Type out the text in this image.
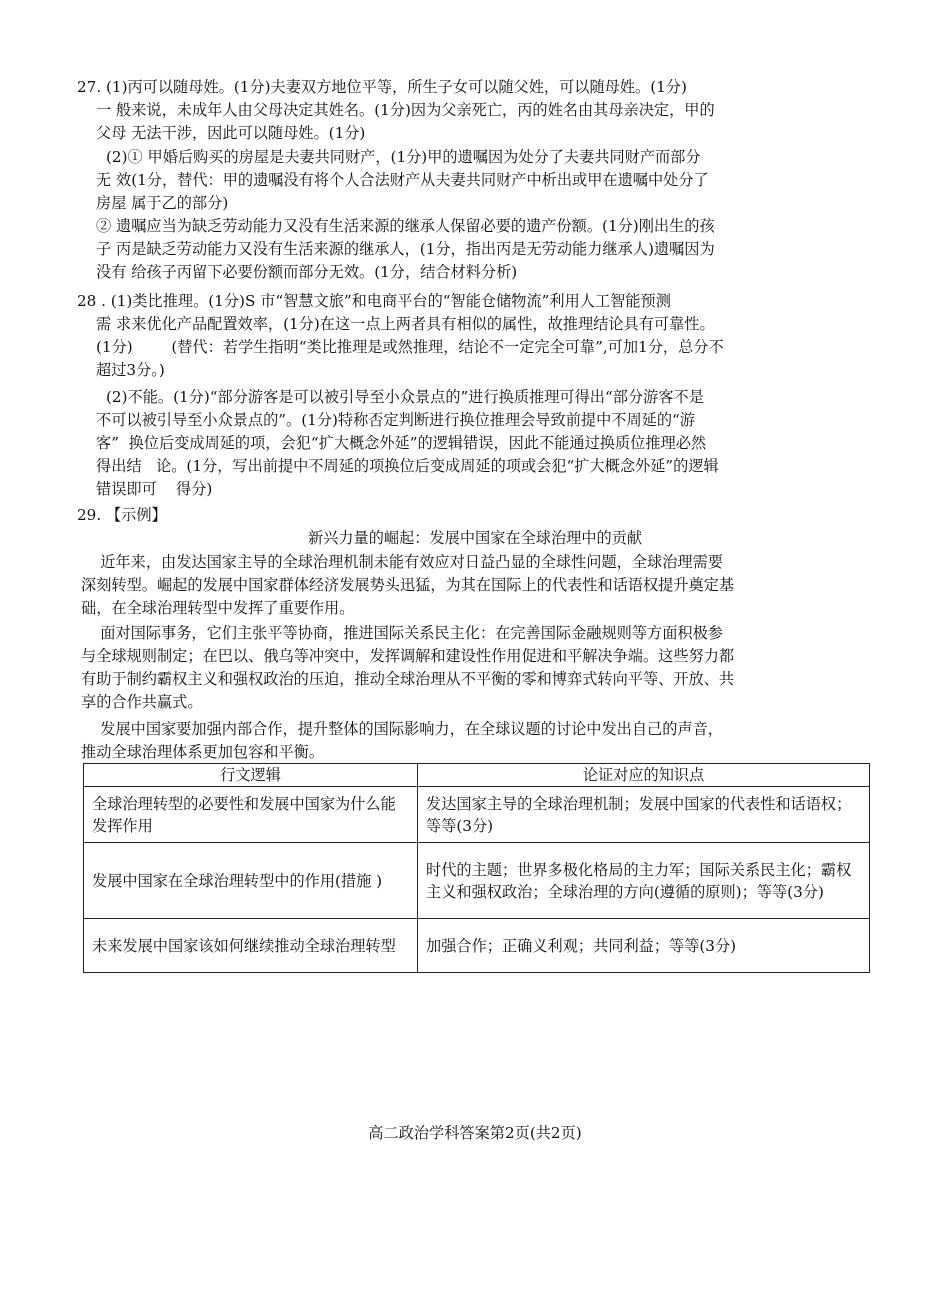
27. (1)丙可以随母姓。(1分)夫妻双方地位平等，所生子女可以随父姓，可以随母姓。(1分)
一 般来说，未成年人由父母决定其姓名。(1分)因为父亲死亡，丙的姓名由其母亲决定，甲的
父母 无法干涉，因此可以随母姓。(1分)
(2)① 甲婚后购买的房屋是夫妻共同财产，(1分)甲的遗嘱因为处分了夫妻共同财产而部分
无 效(1分，替代：甲的遗嘱没有将个人合法财产从夫妻共同财产中析出或甲在遗嘱中处分了
房屋 属于乙的部分)
② 遗嘱应当为缺乏劳动能力又没有生活来源的继承人保留必要的遗产份额。(1分)刚出生的孩
子 丙是缺乏劳动能力又没有生活来源的继承人，(1分，指出丙是无劳动能力继承人)遗嘱因为
没有 给孩子丙留下必要份额而部分无效。(1分，结合材料分析)
28 . (1)类比推理。(1分)S 市“智慧文旅”和电商平台的“智能仓储物流”利用人工智能预测
需 求来优化产品配置效率，(1分)在这一点上两者具有相似的属性，故推理结论具有可靠性。
(1分)        (替代：若学生指明“类比推理是或然推理，结论不一定完全可靠”,可加1分，总分不
超过3分。)
(2)不能。(1分)“部分游客是可以被引导至小众景点的”进行换质推理可得出“部分游客不是
不可以被引导至小众景点的”。(1分)特称否定判断进行换位推理会导致前提中不周延的“游
客”  换位后变成周延的项，会犯“扩大概念外延”的逻辑错误，因此不能通过换质位推理必然
得出结   论。(1分，写出前提中不周延的项换位后变成周延的项或会犯“扩大概念外延”的逻辑
错误即可    得分)
29. 【示例】
新兴力量的崛起：发展中国家在全球治理中的贡献
近年来，由发达国家主导的全球治理机制未能有效应对日益凸显的全球性问题，全球治理需要
深刻转型。崛起的发展中国家群体经济发展势头迅猛，为其在国际上的代表性和话语权提升奠定基
础，在全球治理转型中发挥了重要作用。
面对国际事务，它们主张平等协商，推进国际关系民主化：在完善国际金融规则等方面积极参
与全球规则制定；在巴以、俄乌等冲突中，发挥调解和建设性作用促进和平解决争端。这些努力都
有助于制约霸权主义和强权政治的压迫，推动全球治理从不平衡的零和博弈式转向平等、开放、共
享的合作共赢式。
发展中国家要加强内部合作，提升整体的国际影响力，在全球议题的讨论中发出自己的声音，
推动全球治理体系更加包容和平衡。
行文逻辑	论证对应的知识点
全球治理转型的必要性和发展中国家为什么能发挥作用	发达国家主导的全球治理机制；发展中国家的代表性和话语权；等等(3分)
发展中国家在全球治理转型中的作用(措施 )	时代的主题；世界多极化格局的主力军；国际关系民主化；霸权主义和强权政治；全球治理的方向(遵循的原则)；等等(3分)
未来发展中国家该如何继续推动全球治理转型	加强合作；正确义利观；共同利益；等等(3分)
高二政治学科答案第2页(共2页)
